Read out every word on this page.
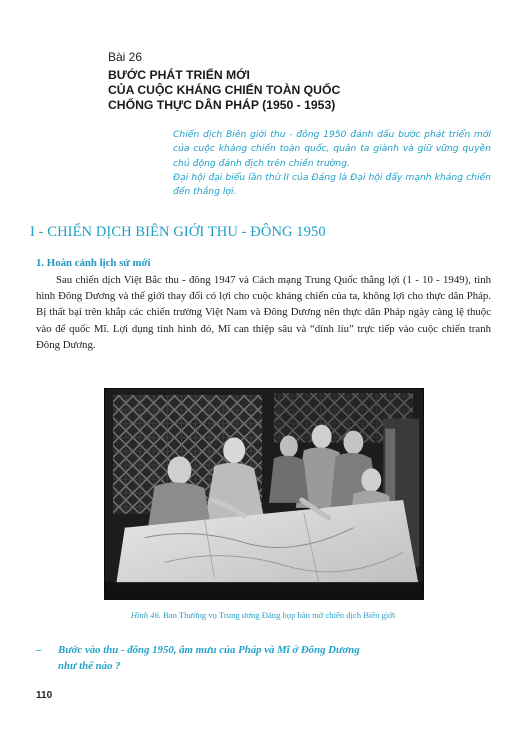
Bài 26
BƯỚC PHÁT TRIỂN MỚI
CỦA CUỘC KHÁNG CHIẾN TOÀN QUỐC
CHỐNG THỰC DÂN PHÁP (1950 - 1953)

Chiến dịch Biên giới thu - đông 1950 đánh dấu bước phát triển mới của cuộc kháng chiến toàn quốc, quân ta giành và giữ vững quyền chủ động đánh địch trên chiến trường.

Đại hội đại biểu lần thứ II của Đảng là Đại hội đẩy mạnh kháng chiến đến thắng lợi.

I - CHIẾN DỊCH BIÊN GIỚI THU - ĐÔNG 1950
1. Hoàn cảnh lịch sử mới

Sau chiến dịch Việt Bắc thu - đông 1947 và Cách mạng Trung Quốc thắng lợi (1 - 10 - 1949), tình hình Đông Dương và thế giới thay đổi có lợi cho cuộc kháng chiến của ta, không lợi cho thực dân Pháp. Bị thất bại trên khắp các chiến trường Việt Nam và Đông Dương nên thực dân Pháp ngày càng lệ thuộc vào đế quốc Mĩ. Lợi dụng tình hình đó, Mĩ can thiệp sâu và “dính líu” trực tiếp vào cuộc chiến tranh Đông Dương.

Hình 46. Ban Thường vụ Trung ương Đảng họp bàn mở chiến dịch Biên giới
– Bước vào thu - đông 1950, âm mưu của Pháp và Mĩ ở Đông Dương
như thế nào ?
110
